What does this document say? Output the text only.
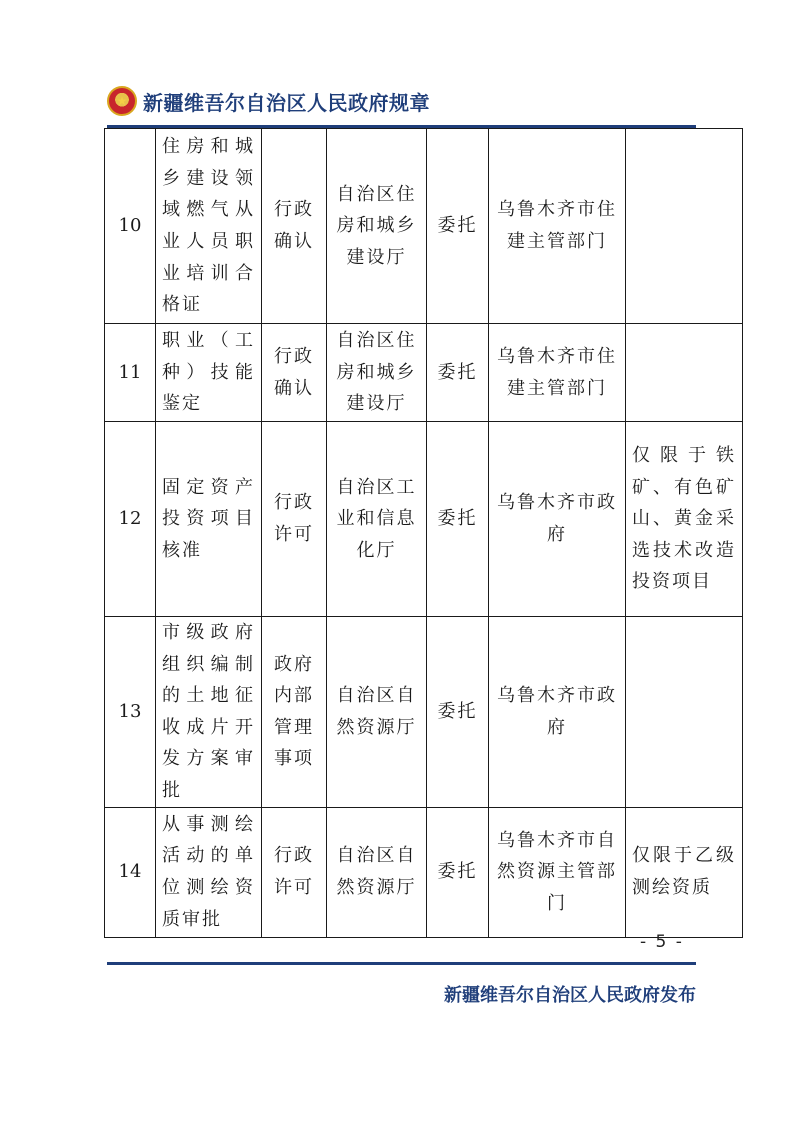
★ 新疆维吾尔自治区人民政府规章
10	住房和城乡建设领域燃气从业人员职业培训合格证	行政确认	自治区住房和城乡建设厅	委托	乌鲁木齐市住建主管部门	
11	职业（工种）技能鉴定	行政确认	自治区住房和城乡建设厅	委托	乌鲁木齐市住建主管部门	
12	固定资产投资项目核准	行政许可	自治区工业和信息化厅	委托	乌鲁木齐市政府	仅限于铁矿、有色矿山、黄金采选技术改造投资项目
13	市级政府组织编制的土地征收成片开发方案审批	政府内部管理事项	自治区自然资源厅	委托	乌鲁木齐市政府	
14	从事测绘活动的单位测绘资质审批	行政许可	自治区自然资源厅	委托	乌鲁木齐市自然资源主管部门	仅限于乙级测绘资质
- 5 -
新疆维吾尔自治区人民政府发布
